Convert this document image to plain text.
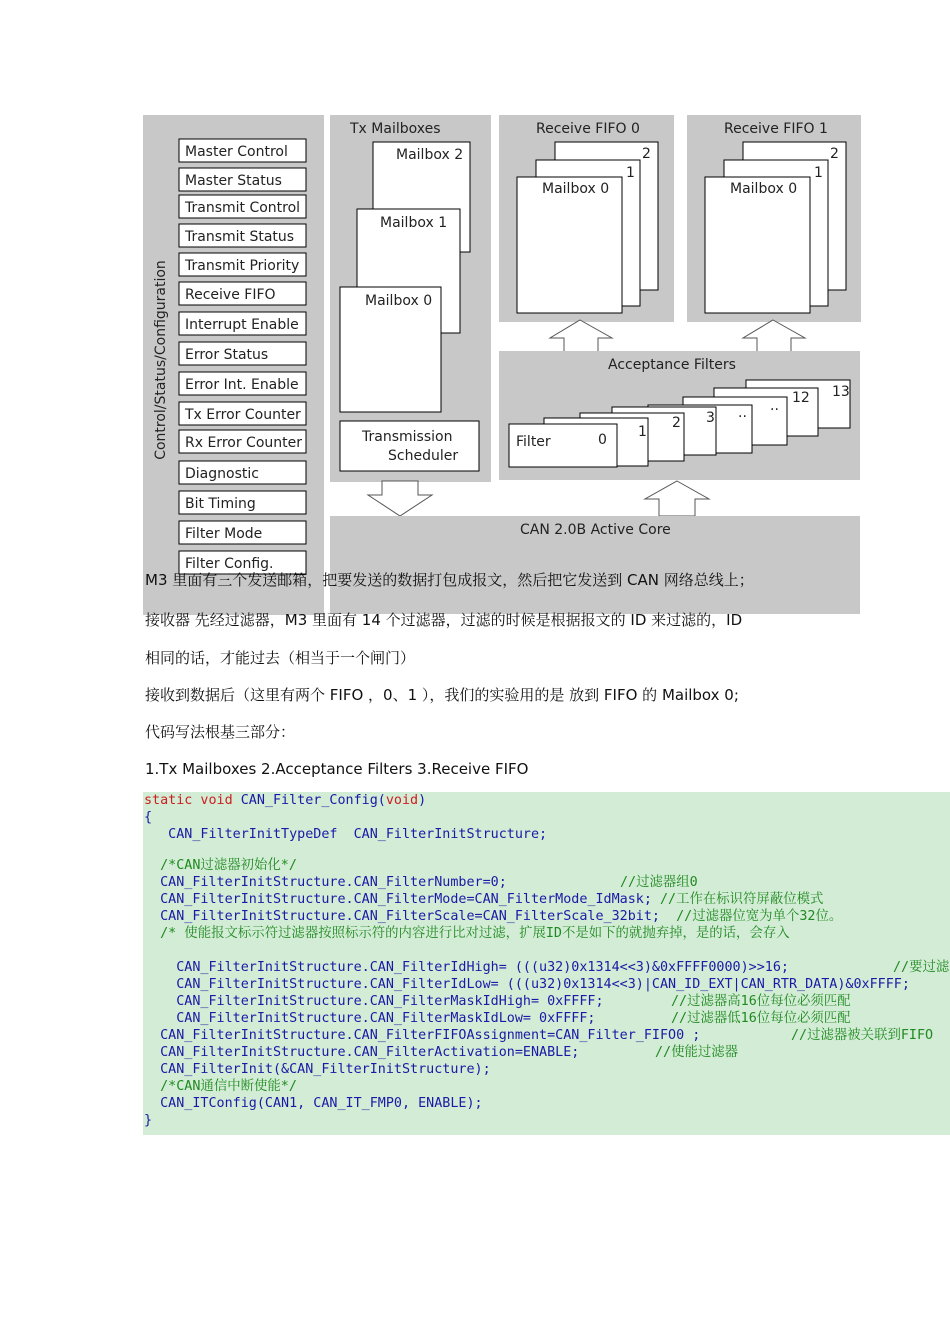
Control/Status/Configuration
Master Control
Master Status
Transmit Control
Transmit Status
Transmit Priority
Receive FIFO
Interrupt Enable
Error Status
Error Int. Enable
Tx Error Counter
Rx Error Counter
Diagnostic
Bit Timing
Filter Mode
Filter Config.
Tx Mailboxes
Mailbox 2
Mailbox 1
Mailbox 0
Transmission
Scheduler
Receive FIFO 0
2
1
Mailbox 0
Receive FIFO 1
2
1
Mailbox 0
Acceptance Filters
13
12
..
..
3
2
1
0
Filter
CAN 2.0B Active Core
M3 里面有三个发送邮箱，把要发送的数据打包成报文，然后把它发送到 CAN 网络总线上；
接收器 先经过滤器，M3 里面有 14 个过滤器，过滤的时候是根据报文的 ID 来过滤的，ID
相同的话，才能过去（相当于一个闸门）
接收到数据后（这里有两个 FIFO ，0、1 ），我们的实验用的是 放到 FIFO 的 Mailbox 0;
代码写法根基三部分：
1.Tx Mailboxes 2.Acceptance Filters 3.Receive FIFO
static void CAN_Filter_Config(void)
{
CAN_FilterInitTypeDef  CAN_FilterInitStructure;
/*CAN过滤器初始化*/
CAN_FilterInitStructure.CAN_FilterNumber=0;	//过滤器组0
CAN_FilterInitStructure.CAN_FilterMode=CAN_FilterMode_IdMask; //工作在标识符屏蔽位模式
CAN_FilterInitStructure.CAN_FilterScale=CAN_FilterScale_32bit;  //过滤器位宽为单个32位。
/* 使能报文标示符过滤器按照标示符的内容进行比对过滤，扩展ID不是如下的就抛弃掉，是的话，会存入
CAN_FilterInitStructure.CAN_FilterIdHigh= (((u32)0x1314<<3)&0xFFFF0000)>>16;	//要过滤
CAN_FilterInitStructure.CAN_FilterIdLow= (((u32)0x1314<<3)|CAN_ID_EXT|CAN_RTR_DATA)&0xFFFF;
CAN_FilterInitStructure.CAN_FilterMaskIdHigh= 0xFFFF;	//过滤器高16位每位必须匹配
CAN_FilterInitStructure.CAN_FilterMaskIdLow= 0xFFFF;	//过滤器低16位每位必须匹配
CAN_FilterInitStructure.CAN_FilterFIFOAssignment=CAN_Filter_FIFO0 ;	//过滤器被关联到FIFO
CAN_FilterInitStructure.CAN_FilterActivation=ENABLE;	//使能过滤器
CAN_FilterInit(&CAN_FilterInitStructure);
/*CAN通信中断使能*/
CAN_ITConfig(CAN1, CAN_IT_FMP0, ENABLE);
}
